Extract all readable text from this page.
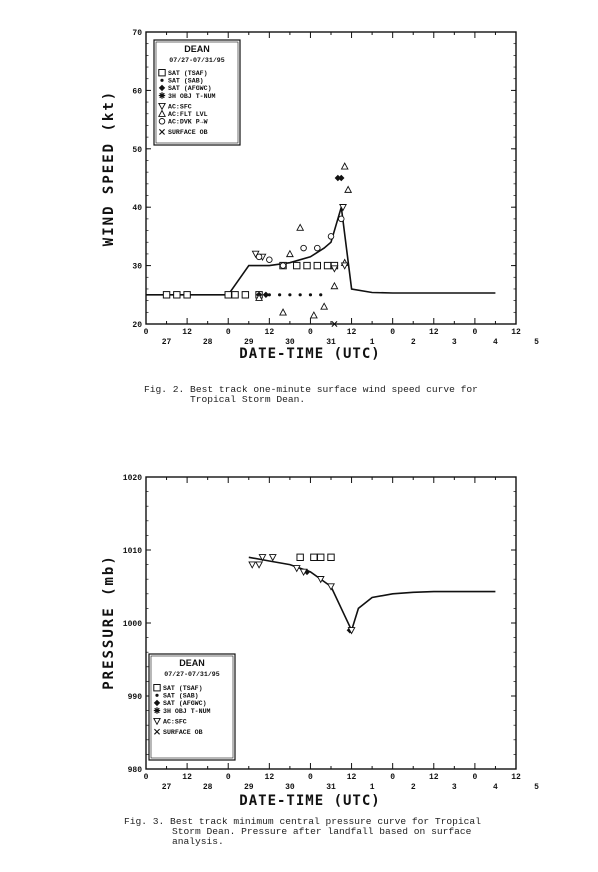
20
30
40
50
60
70
0	12	0	12	0	12	0	12	0	12
27	28	29	30	31	1	2	3	4	5
WIND SPEED (kt)
DATE-TIME (UTC)
DEAN
07/27-07/31/95
SAT (TSAF)
SAT (SAB)
SAT (AFGWC)
3H OBJ T-NUM
AC:SFC
AC:FLT LVL
AC:DVK P→W
SURFACE OB
Fig. 2. Best track one-minute surface wind speed curve for
Tropical Storm Dean.
980
990
1000
1010
1020
0	12	0	12	0	12	0	12	0	12
27	28	29	30	31	1	2	3	4	5
PRESSURE (mb)
DATE-TIME (UTC)
DEAN
07/27-07/31/95
SAT (TSAF)
SAT (SAB)
SAT (AFGWC)
3H OBJ T-NUM
AC:SFC
SURFACE OB
Fig. 3. Best track minimum central pressure curve for Tropical
Storm Dean. Pressure after landfall based on surface
analysis.
